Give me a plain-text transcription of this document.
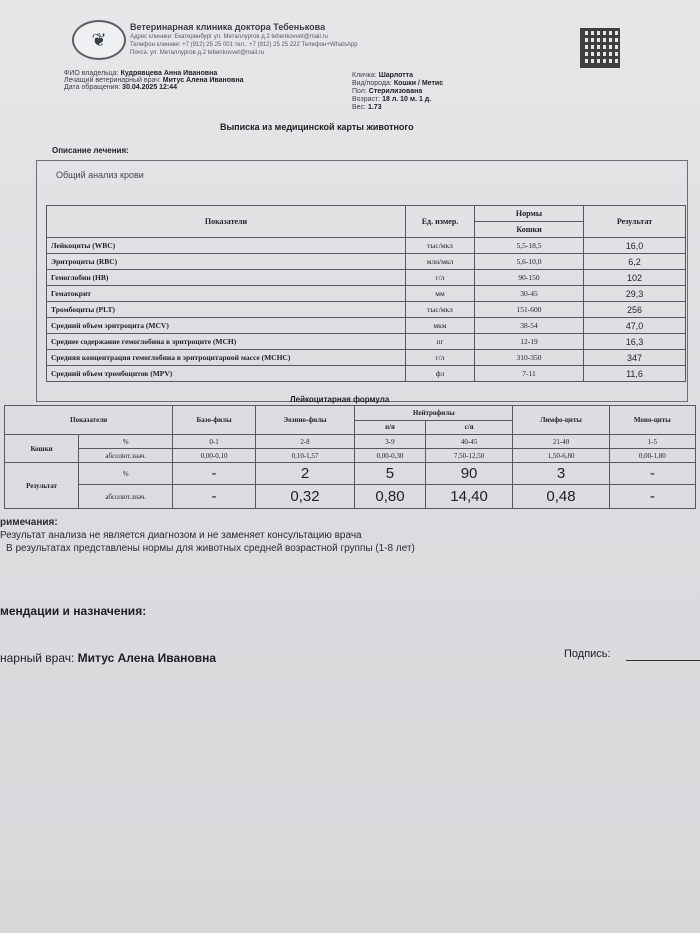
❦
Ветеринарная клиника доктора Тебенькова
Адрес клиники: Екатеринбург ул. Металлургов д.2 tebenkovvet@mail.ru
Телефон клиники: +7 (912) 25 25 001 тел.: +7 (912) 25 25 222 Телефон+WhatsApp
Почта: ул. Металлургов д.2 tebenkovvet@mail.ru
ФИО владельца: Кудрявцева Анна Ивановна
Лечащий ветеринарный врач: Митус Алена Ивановна
Дата обращения: 30.04.2025 12:44
Кличка: Шарлотта
Вид/порода: Кошки / Метис
Пол: Стерилизована
Возраст: 18 л. 10 м. 1 д.
Вес: 1.73
Выписка из медицинской карты животного
Описание лечения:
Общий анализ крови
Показатели	Ед. измер.	Нормы	Результат
		Кошки	
Лейкоциты (WBC)	тыс/мкл	5,5-18,5	16,0
Эритроциты (RBC)	млн/мкл	5,6-10,0	6,2
Гемоглобин (HB)	г/л	90-150	102
Гематокрит	мм	30-45	29,3
Тромбоциты (PLT)	тыс/мкл	151-600	256
Средний объем эритроцита (MCV)	мкм	38-54	47,0
Среднее содержание гемоглобина в эритроците (MCH)	пг	12-19	16,3
Средняя концентрация гемоглобина в эритроцитарной массе (MCHC)	г/л	310-350	347
Средний объем тромбоцитов (MPV)	фл	7-11	11,6
Лейкоцитарная формула
Показатели		Базо-филы	Эозино-филы	Нейтрофилы		Лимфо-циты	Моно-циты
				п/я	с/я		
Кошки	%	0-1	2-8	3-9	40-45	21-40	1-5
	абсолют.знач.	0,00-0,10	0,10-1,57	0,00-0,30	7,50-12,50	1,50-6,80	0,00-1,80
Результат	%	-	2	5	90	3	-
	абсолют.знач.	-	0,32	0,80	14,40	0,48	-
римечания:
Результат анализа не является диагнозом и не заменяет консультацию врача
В результатах представлены нормы для животных средней возрастной группы (1-8 лет)
мендации и назначения:
нарный врач: Митус Алена Ивановна	Подпись:
